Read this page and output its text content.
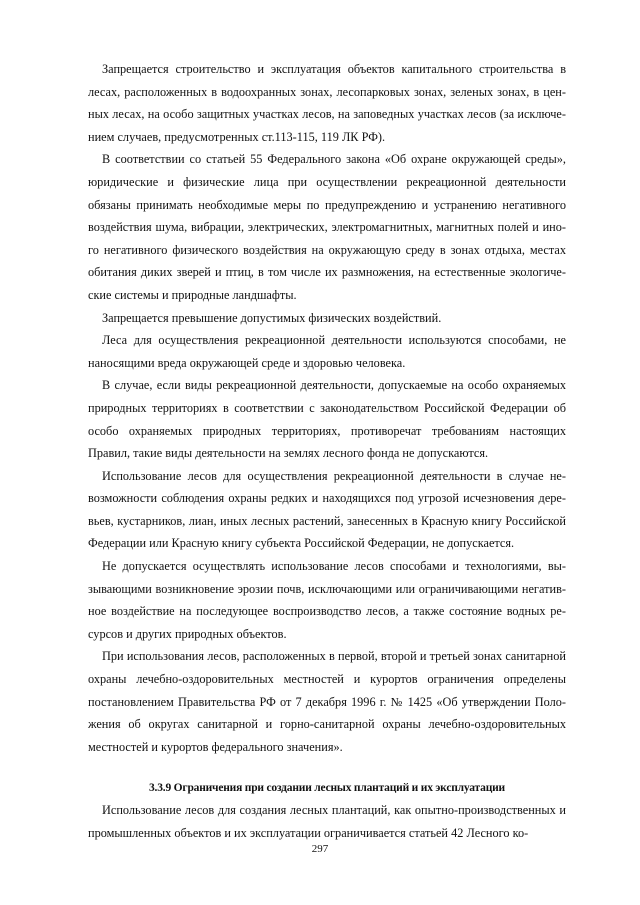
Запрещается строительство и эксплуатация объектов капитального строительства в лесах, расположенных в водоохранных зонах, лесопарковых зонах, зеленых зонах, в ценных лесах, на особо защитных участках лесов, на заповедных участках лесов (за исключением случаев, предусмотренных ст.113-115, 119 ЛК РФ).

В соответствии со статьей 55 Федерального закона «Об охране окружающей среды», юридические и физические лица при осуществлении рекреационной деятельности обязаны принимать необходимые меры по предупреждению и устранению негативного воздействия шума, вибрации, электрических, электромагнитных, магнитных полей и иного негативного физического воздействия на окружающую среду в зонах отдыха, местах обитания диких зверей и птиц, в том числе их размножения, на естественные экологические системы и природные ландшафты.

Запрещается превышение допустимых физических воздействий.

Леса для осуществления рекреационной деятельности используются способами, не наносящими вреда окружающей среде и здоровью человека.

В случае, если виды рекреационной деятельности, допускаемые на особо охраняемых природных территориях в соответствии с законодательством Российской Федерации об особо охраняемых природных территориях, противоречат требованиям настоящих Правил, такие виды деятельности на землях лесного фонда не допускаются.

Использование лесов для осуществления рекреационной деятельности в случае невозможности соблюдения охраны редких и находящихся под угрозой исчезновения деревьев, кустарников, лиан, иных лесных растений, занесенных в Красную книгу Российской Федерации или Красную книгу субъекта Российской Федерации, не допускается.

Не допускается осуществлять использование лесов способами и технологиями, вызывающими возникновение эрозии почв, исключающими или ограничивающими негативное воздействие на последующее воспроизводство лесов, а также состояние водных ресурсов и других природных объектов.

При использования лесов, расположенных в первой, второй и третьей зонах санитарной охраны лечебно-оздоровительных местностей и курортов ограничения определены постановлением Правительства РФ от 7 декабря 1996 г. № 1425 «Об утверждении Положения об округах санитарной и горно-санитарной охраны лечебно-оздоровительных местностей и курортов федерального значения».

3.3.9 Ограничения при создании лесных плантаций и их эксплуатации

Использование лесов для создания лесных плантаций, как опытно-производственных и промышленных объектов и их эксплуатации ограничивается статьей 42 Лесного ко-

297
